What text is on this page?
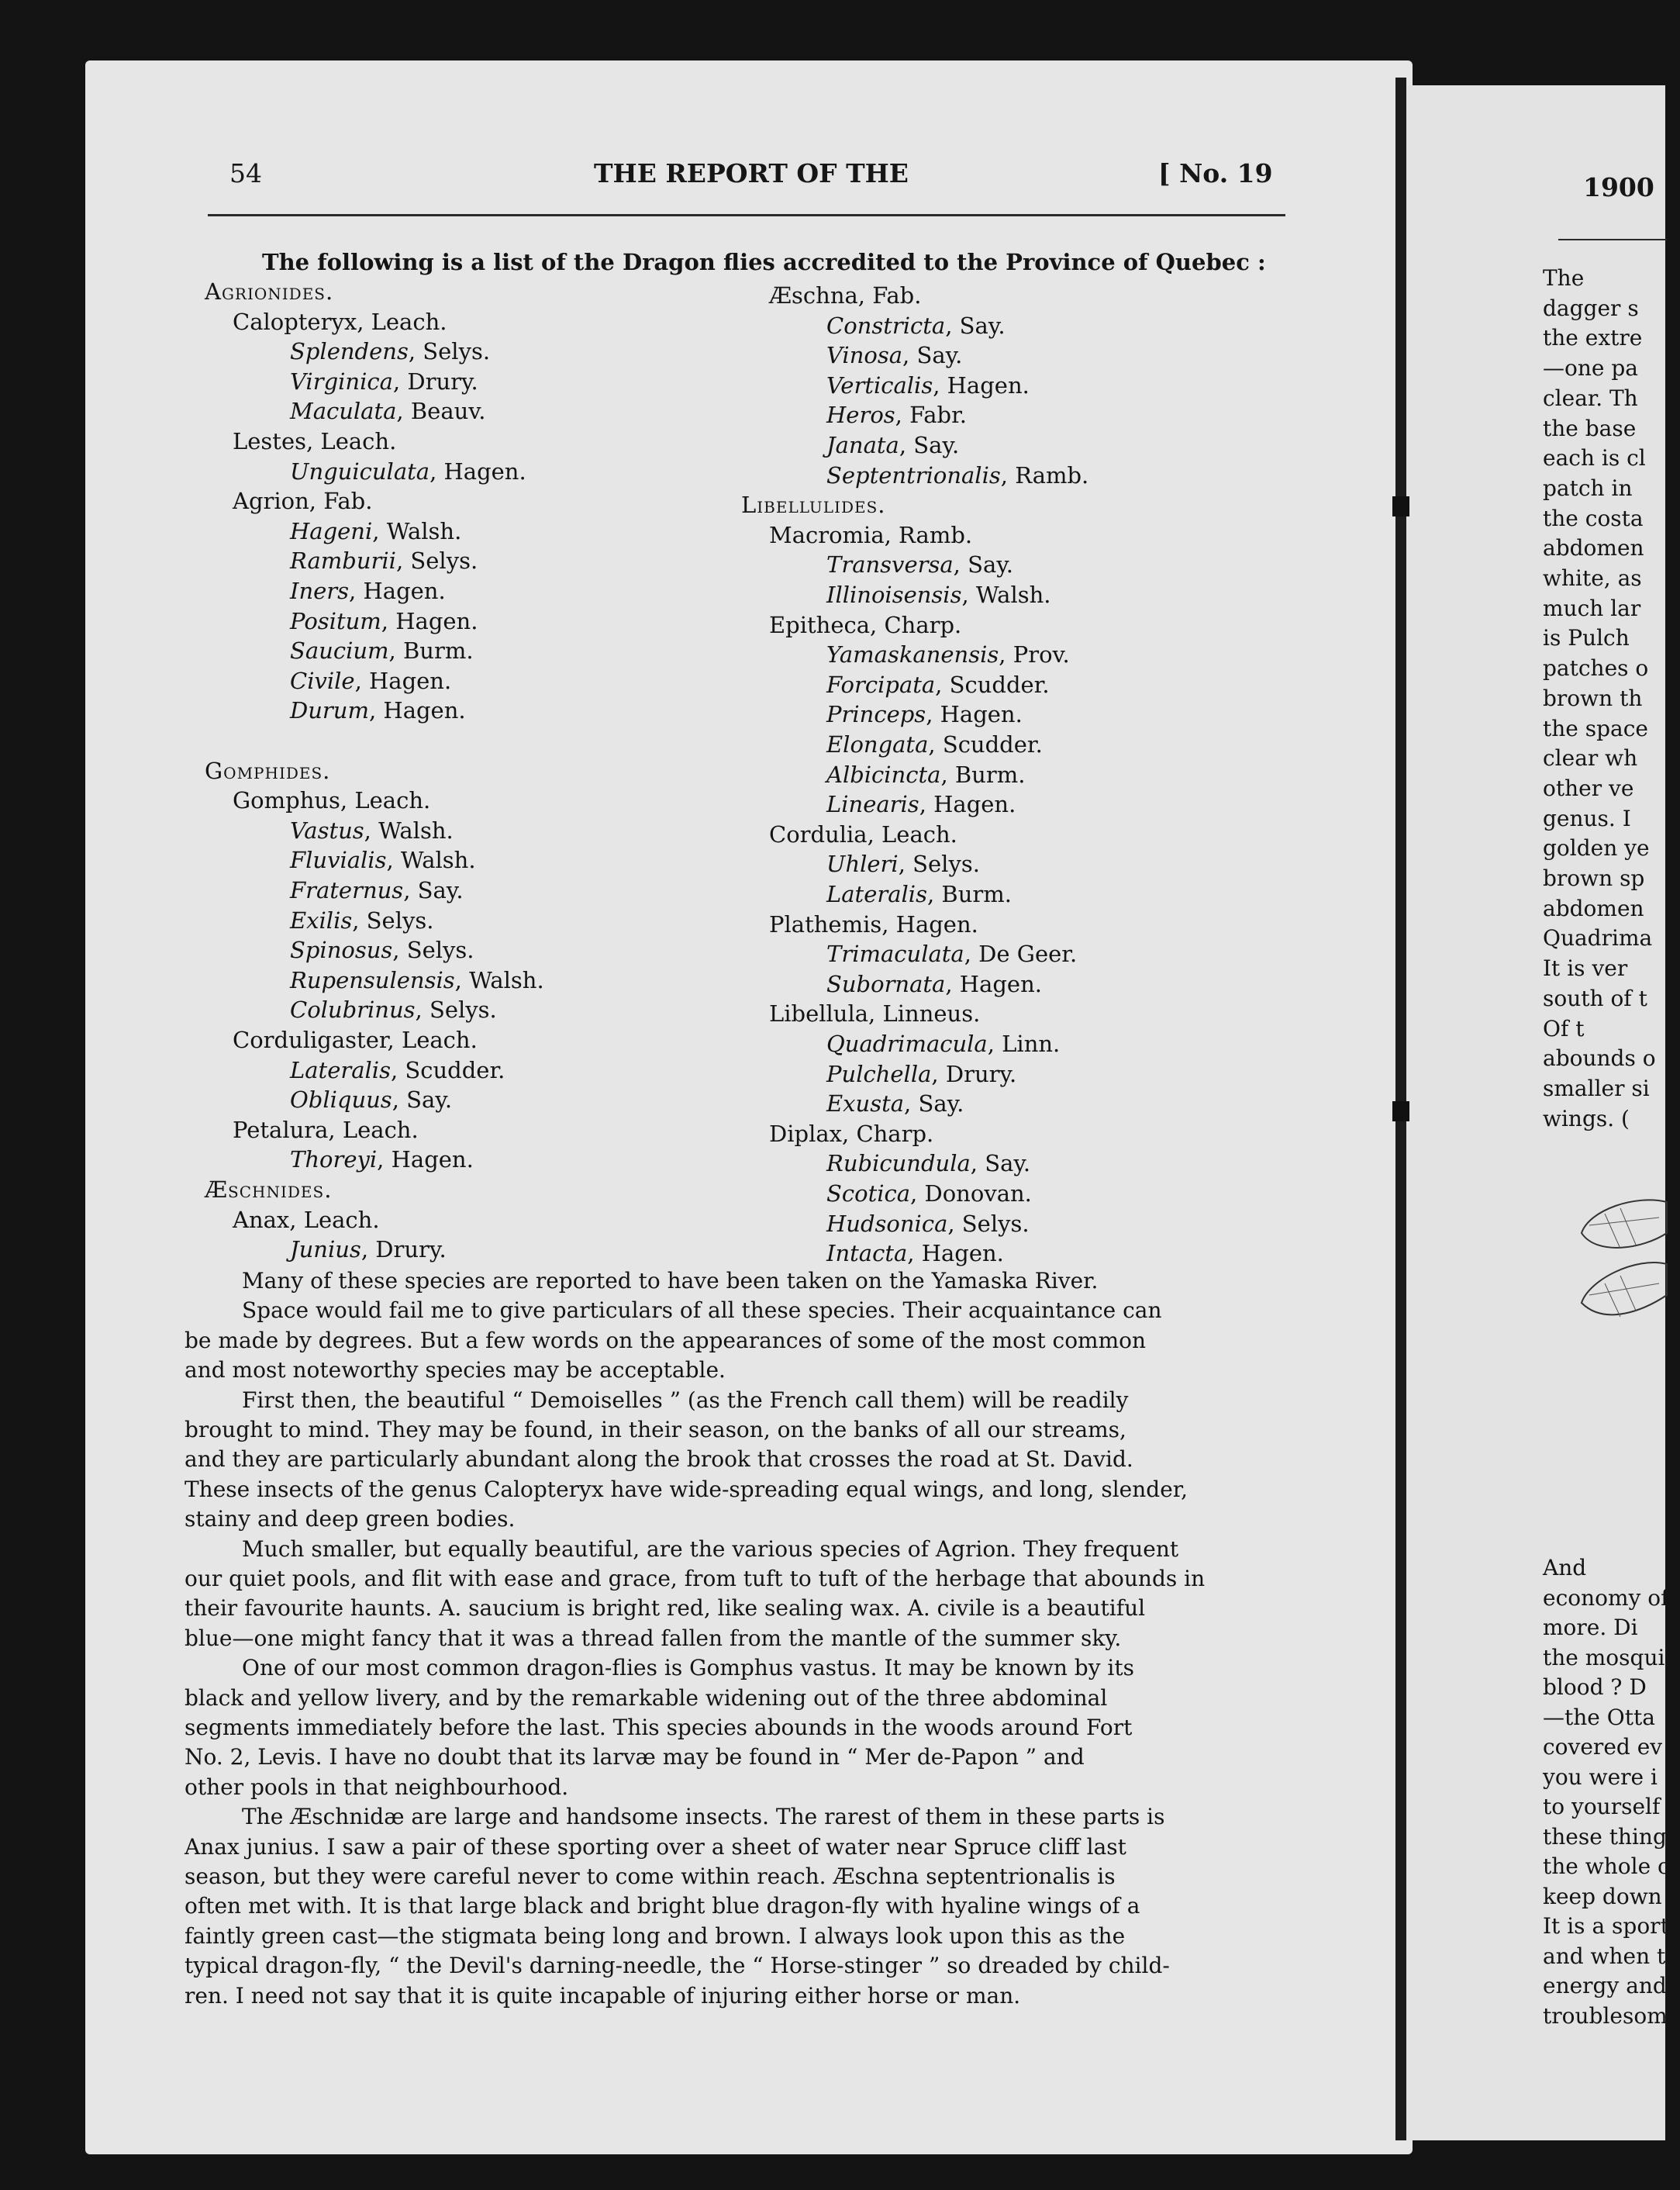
54	THE REPORT OF THE	[ No. 19	1900
The following is a list of the Dragon flies accredited to the Province of Quebec :
Agrionides.
Calopteryx, Leach.
Splendens, Selys.
Virginica, Drury.
Maculata, Beauv.
Lestes, Leach.
Unguiculata, Hagen.
Agrion, Fab.
Hageni, Walsh.
Ramburii, Selys.
Iners, Hagen.
Positum, Hagen.
Saucium, Burm.
Civile, Hagen.
Durum, Hagen.
Gomphides.
Gomphus, Leach.
Vastus, Walsh.
Fluvialis, Walsh.
Fraternus, Say.
Exilis, Selys.
Spinosus, Selys.
Rupensulensis, Walsh.
Colubrinus, Selys.
Corduligaster, Leach.
Lateralis, Scudder.
Obliquus, Say.
Petalura, Leach.
Thoreyi, Hagen.
Æschnides.
Anax, Leach.
Junius, Drury.
Æschna, Fab.
Constricta, Say.
Vinosa, Say.
Verticalis, Hagen.
Heros, Fabr.
Janata, Say.
Septentrionalis, Ramb.
Libellulides.
Macromia, Ramb.
Transversa, Say.
Illinoisensis, Walsh.
Epitheca, Charp.
Yamaskanensis, Prov.
Forcipata, Scudder.
Princeps, Hagen.
Elongata, Scudder.
Albicincta, Burm.
Linearis, Hagen.
Cordulia, Leach.
Uhleri, Selys.
Lateralis, Burm.
Plathemis, Hagen.
Trimaculata, De Geer.
Subornata, Hagen.
Libellula, Linneus.
Quadrimacula, Linn.
Pulchella, Drury.
Exusta, Say.
Diplax, Charp.
Rubicundula, Say.
Scotica, Donovan.
Hudsonica, Selys.
Intacta, Hagen.
Many of these species are reported to have been taken on the Yamaska River.
Space would fail me to give particulars of all these species. Their acquaintance can
be made by degrees. But a few words on the appearances of some of the most common
and most noteworthy species may be acceptable.
First then, the beautiful “ Demoiselles ” (as the French call them) will be readily
brought to mind. They may be found, in their season, on the banks of all our streams,
and they are particularly abundant along the brook that crosses the road at St. David.
These insects of the genus Calopteryx have wide-spreading equal wings, and long, slender,
stainy and deep green bodies.
Much smaller, but equally beautiful, are the various species of Agrion. They frequent
our quiet pools, and flit with ease and grace, from tuft to tuft of the herbage that abounds in
their favourite haunts. A. saucium is bright red, like sealing wax. A. civile is a beautiful
blue—one might fancy that it was a thread fallen from the mantle of the summer sky.
One of our most common dragon-flies is Gomphus vastus. It may be known by its
black and yellow livery, and by the remarkable widening out of the three abdominal
segments immediately before the last. This species abounds in the woods around Fort
No. 2, Levis. I have no doubt that its larvæ may be found in “ Mer de-Papon ” and
other pools in that neighbourhood.
The Æschnidæ are large and handsome insects. The rarest of them in these parts is
Anax junius. I saw a pair of these sporting over a sheet of water near Spruce cliff last
season, but they were careful never to come within reach. Æschna septentrionalis is
often met with. It is that large black and bright blue dragon-fly with hyaline wings of a
faintly green cast—the stigmata being long and brown. I always look upon this as the
typical dragon-fly, “ the Devil's darning-needle, the “ Horse-stinger ” so dreaded by child-
ren. I need not say that it is quite incapable of injuring either horse or man.
The
dagger s
the extre
—one pa
clear. Th
the base
each is cl
patch in
the costa
abdomen
white, as
much lar
is Pulch
patches o
brown th
the space
clear wh
other ve
genus. I
golden ye
brown sp
abdomen
Quadrima
It is ver
south of t
Of t
abounds o
smaller si
wings. (
And
economy of
more. Di
the mosqui
blood ? D
—the Otta
covered ev
you were i
to yourself
these thing
the whole o
keep down
It is a sport
and when t
energy and
troublesome
